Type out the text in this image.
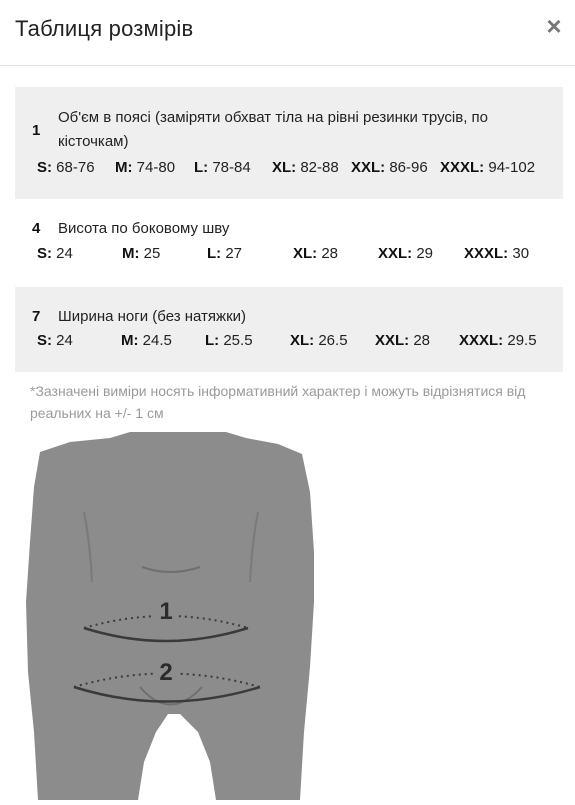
Таблиця розмірів	×
1
Об'єм в поясі (заміряти обхват тіла на рівні резинки трусів, по кісточкам)
S: 68-76 M: 74-80 L: 78-84 XL: 82-88 XXL: 86-96 XXXL: 94-102
4 Висота по боковому шву
S: 24	M: 25	L: 27	XL: 28	XXL: 29 XXXL: 30
7 Ширина ноги (без натяжки)
S: 24	M: 24.5 L: 25.5 XL: 26.5 XXL: 28 XXXL: 29.5
*Зазначені виміри носять інформативний характер і можуть відрізнятися від реальних на +/- 1 см
1
2
